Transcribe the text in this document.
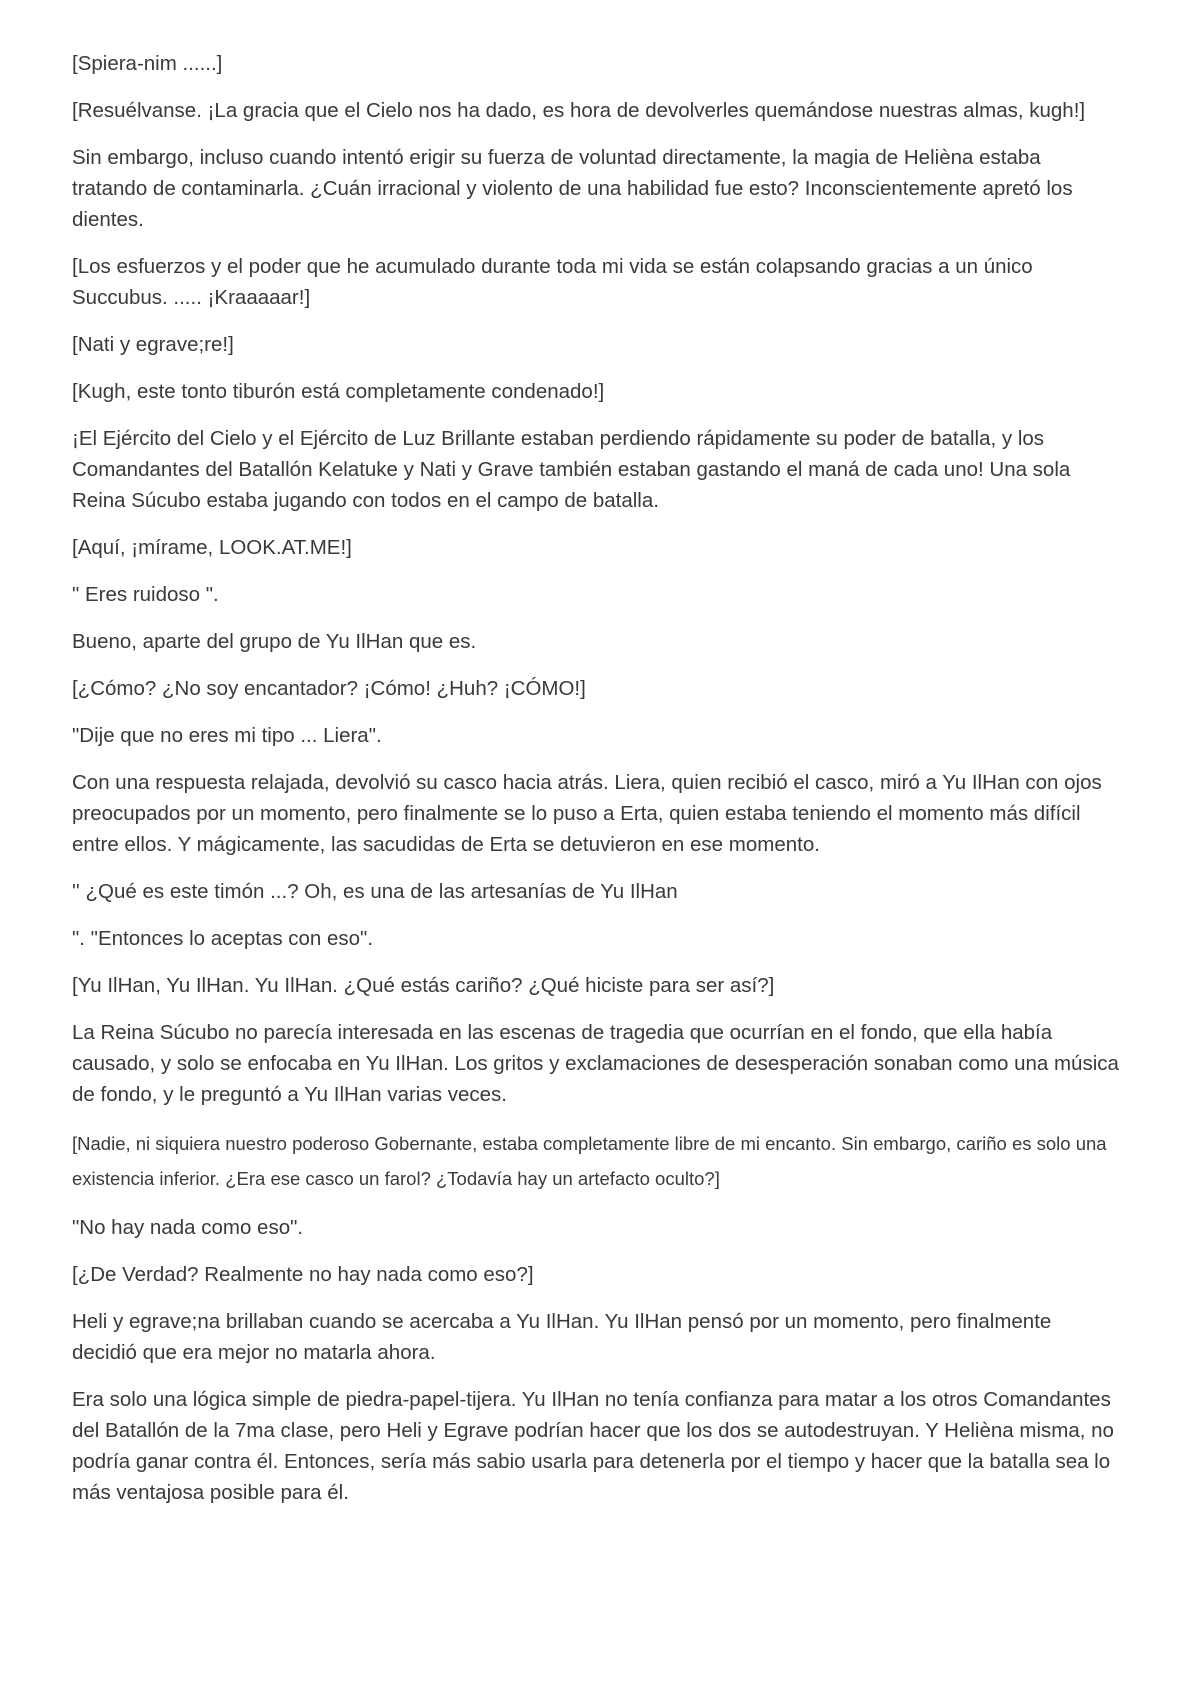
[Spiera-nim ......]

[Resuélvanse. ¡La gracia que el Cielo nos ha dado, es hora de devolverles quemándose nuestras almas, kugh!]

Sin embargo, incluso cuando intentó erigir su fuerza de voluntad directamente, la magia de Helièna estaba tratando de contaminarla. ¿Cuán irracional y violento de una habilidad fue esto? Inconscientemente apretó los dientes.

[Los esfuerzos y el poder que he acumulado durante toda mi vida se están colapsando gracias a un único Succubus. ..... ¡Kraaaaar!]

[Nati y egrave;re!]

[Kugh, este tonto tiburón está completamente condenado!]

¡El Ejército del Cielo y el Ejército de Luz Brillante estaban perdiendo rápidamente su poder de batalla, y los Comandantes del Batallón Kelatuke y Nati y Grave también estaban gastando el maná de cada uno! Una sola Reina Súcubo estaba jugando con todos en el campo de batalla.

[Aquí, ¡mírame, LOOK.AT.ME!]

" Eres ruidoso ".

Bueno, aparte del grupo de Yu IlHan que es.

[¿Cómo? ¿No soy encantador? ¡Cómo! ¿Huh? ¡CÓMO!]

"Dije que no eres mi tipo ... Liera".

Con una respuesta relajada, devolvió su casco hacia atrás. Liera, quien recibió el casco, miró a Yu IlHan con ojos preocupados por un momento, pero finalmente se lo puso a Erta, quien estaba teniendo el momento más difícil entre ellos. Y mágicamente, las sacudidas de Erta se detuvieron en ese momento.

'' ¿Qué es este timón ...? Oh, es una de las artesanías de Yu IlHan

". "Entonces lo aceptas con eso".

[Yu IlHan, Yu IlHan. Yu IlHan. ¿Qué estás cariño? ¿Qué hiciste para ser así?]

La Reina Súcubo no parecía interesada en las escenas de tragedia que ocurrían en el fondo, que ella había causado, y solo se enfocaba en Yu IlHan. Los gritos y exclamaciones de desesperación sonaban como una música de fondo, y le preguntó a Yu IlHan varias veces.

[Nadie, ni siquiera nuestro poderoso Gobernante, estaba completamente libre de mi encanto. Sin embargo, cariño es solo una existencia inferior. ¿Era ese casco un farol? ¿Todavía hay un artefacto oculto?]

"No hay nada como eso".

[¿De Verdad? Realmente no hay nada como eso?]

Heli y egrave;na brillaban cuando se acercaba a Yu IlHan. Yu IlHan pensó por un momento, pero finalmente decidió que era mejor no matarla ahora.

Era solo una lógica simple de piedra-papel-tijera. Yu IlHan no tenía confianza para matar a los otros Comandantes del Batallón de la 7ma clase, pero Heli y Egrave podrían hacer que los dos se autodestruyan. Y Helièna misma, no podría ganar contra él. Entonces, sería más sabio usarla para detenerla por el tiempo y hacer que la batalla sea lo más ventajosa posible para él.
